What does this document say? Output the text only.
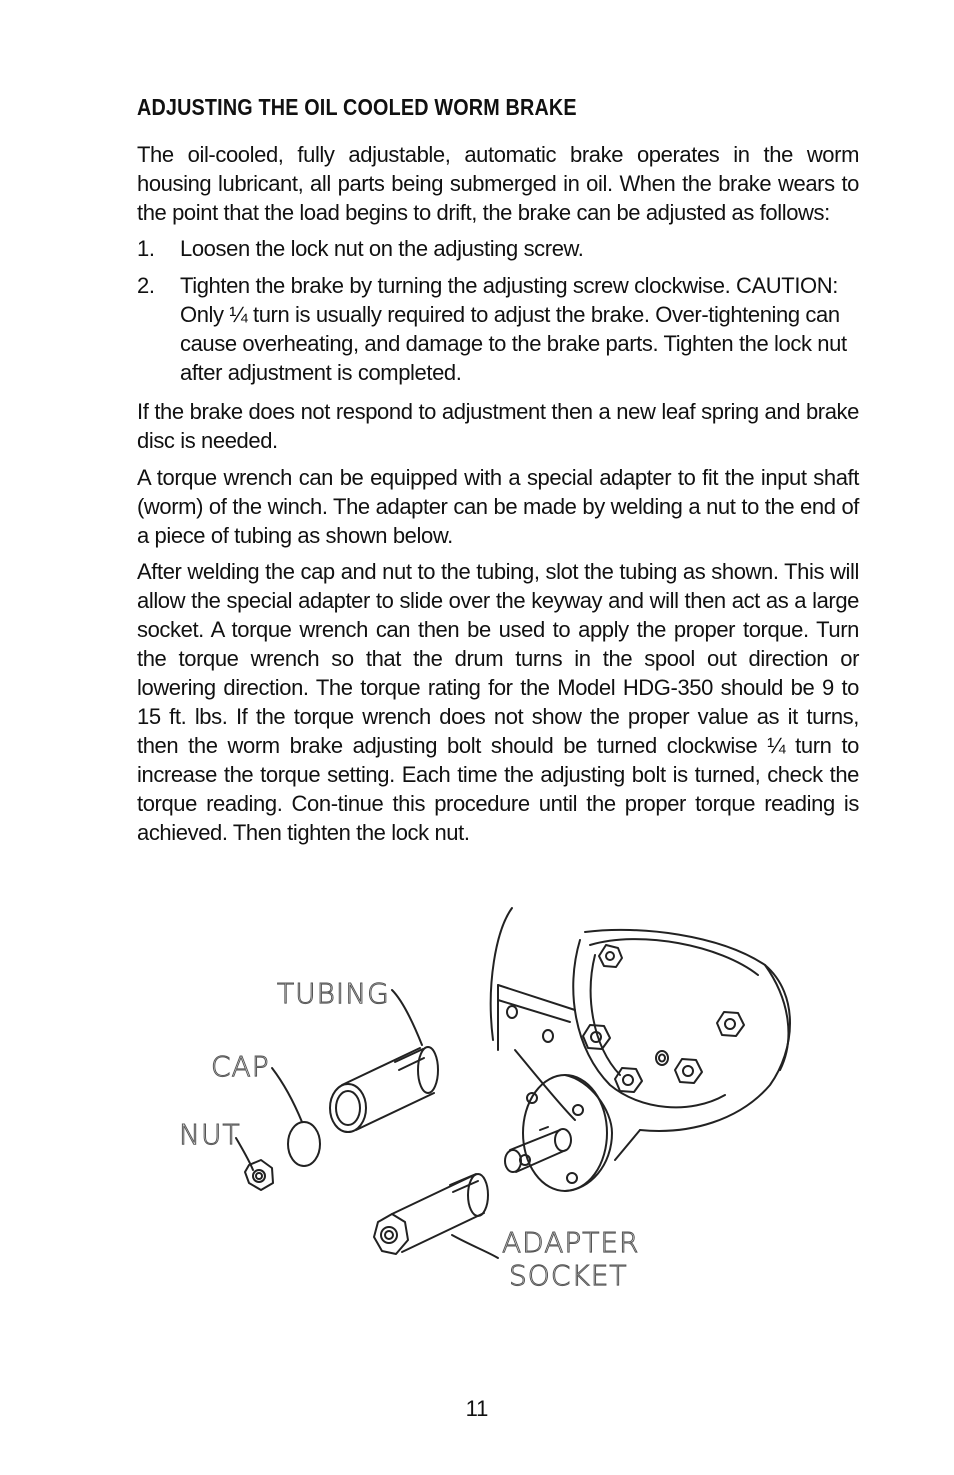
ADJUSTING THE OIL COOLED WORM BRAKE

The oil-cooled, fully adjustable, automatic brake operates in the worm housing lubricant, all parts being submerged in oil. When the brake wears to the point that the load begins to drift, the brake can be adjusted as follows:

1. Loosen the lock nut on the adjusting screw.
2. Tighten the brake by turning the adjusting screw clockwise. CAUTION: Only ¼ turn is usually required to adjust the brake. Over-tightening can cause overheating, and damage to the brake parts. Tighten the lock nut after adjustment is completed.

If the brake does not respond to adjustment then a new leaf spring and brake disc is needed.

A torque wrench can be equipped with a special adapter to fit the input shaft (worm) of the winch. The adapter can be made by welding a nut to the end of a piece of tubing as shown below.

After welding the cap and nut to the tubing, slot the tubing as shown. This will allow the special adapter to slide over the keyway and will then act as a large socket. A torque wrench can then be used to apply the proper torque. Turn the torque wrench so that the drum turns in the spool out direction or lowering direction. The torque rating for the Model HDG-350 should be 9 to 15 ft. lbs. If the torque wrench does not show the proper value as it turns, then the worm brake adjusting bolt should be turned clockwise ¼ turn to increase the torque setting. Each time the adjusting bolt is turned, check the torque reading. Con-tinue this procedure until the proper torque reading is achieved. Then tighten the lock nut.

TUBING
CAP
NUT
ADAPTER
SOCKET
11
